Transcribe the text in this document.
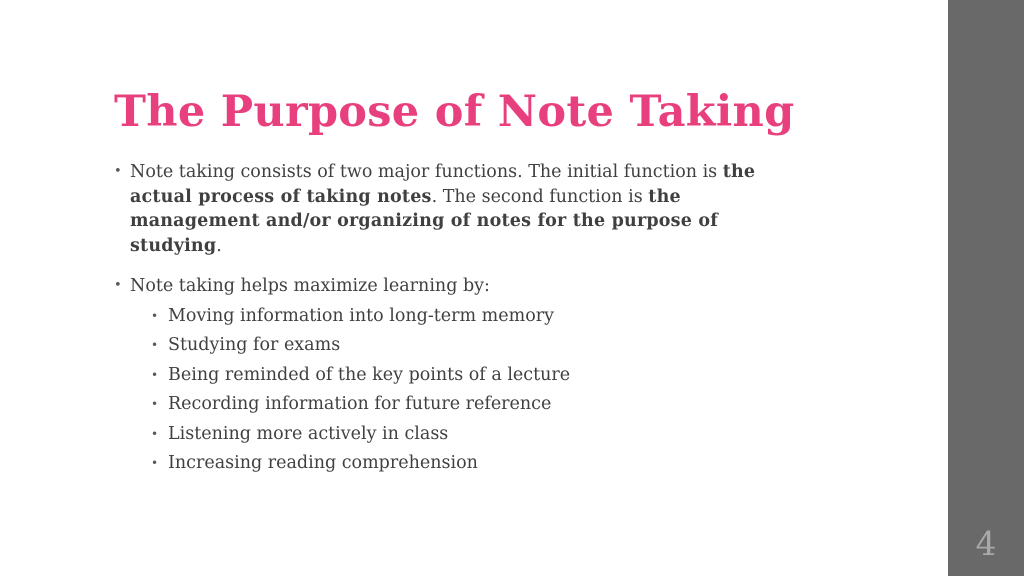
The Purpose of Note Taking
• Note taking consists of two major functions. The initial function is the actual process of taking notes. The second function is the management and/or organizing of notes for the purpose of studying.
• Note taking helps maximize learning by:
• Moving information into long-term memory
• Studying for exams
• Being reminded of the key points of a lecture
• Recording information for future reference
• Listening more actively in class
• Increasing reading comprehension
4
